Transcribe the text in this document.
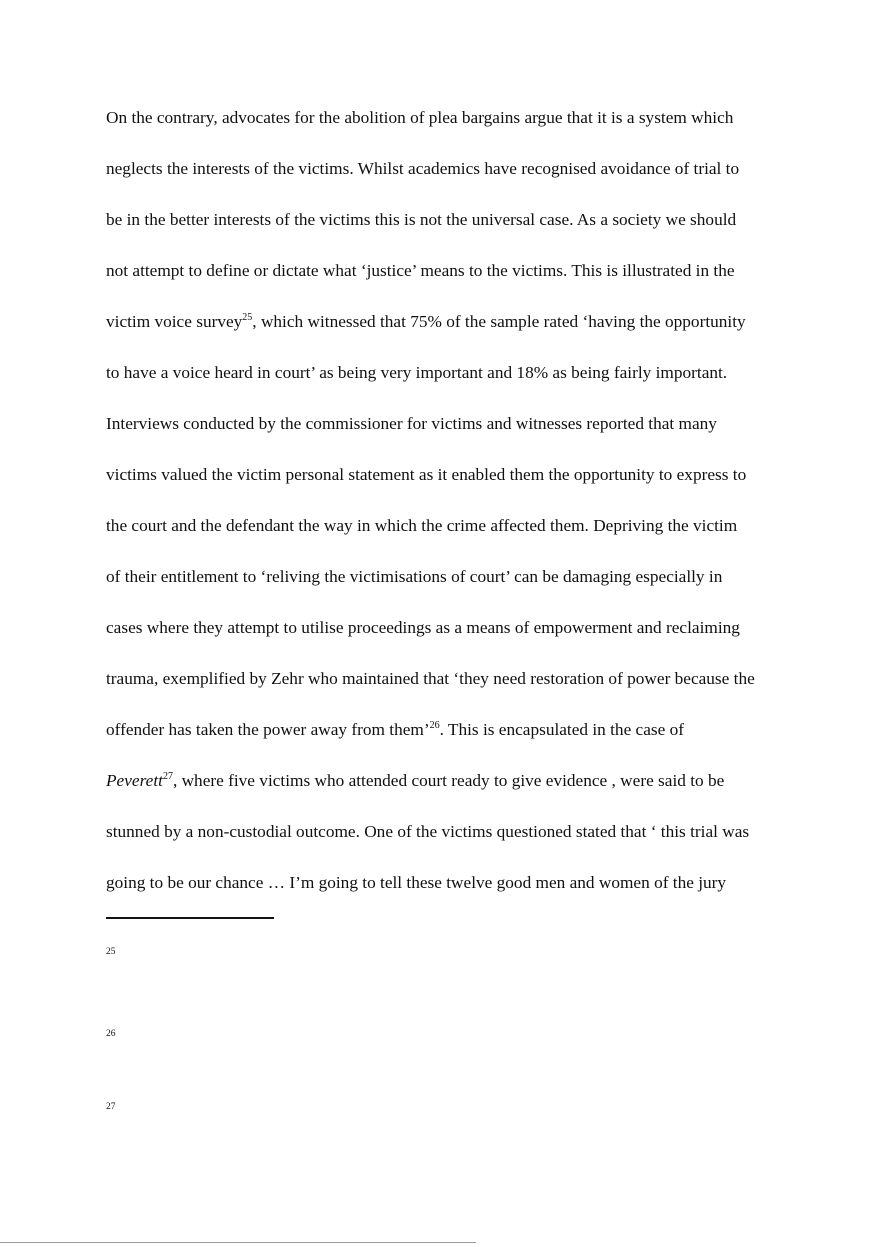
On the contrary, advocates for the abolition of plea bargains argue that it is a system which
neglects the interests of the victims. Whilst academics have recognised avoidance of trial to
be in the better interests of the victims this is not the universal case. As a society we should
not attempt to define or dictate what ‘justice’ means to the victims. This is illustrated in the
victim voice survey$^{25}$, which witnessed that 75% of the sample rated ‘having the opportunity
to have a voice heard in court’ as being very important and 18% as being fairly important.
Interviews conducted by the commissioner for victims and witnesses reported that many
victims valued the victim personal statement as it enabled them the opportunity to express to
the court and the defendant the way in which the crime affected them. Depriving the victim
of their entitlement to ‘reliving the victimisations of court’ can be damaging especially in
cases where they attempt to utilise proceedings as a means of empowerment and reclaiming
trauma, exemplified by Zehr who maintained that ‘they need restoration of power because the
offender has taken the power away from them’$^{26}$. This is encapsulated in the case of
Peverett$^{27}$, where five victims who attended court ready to give evidence , were said to be
stunned by a non-custodial outcome. One of the victims questioned stated that ‘ this trial was
going to be our chance … I’m going to tell these twelve good men and women of the jury
25
26
27
